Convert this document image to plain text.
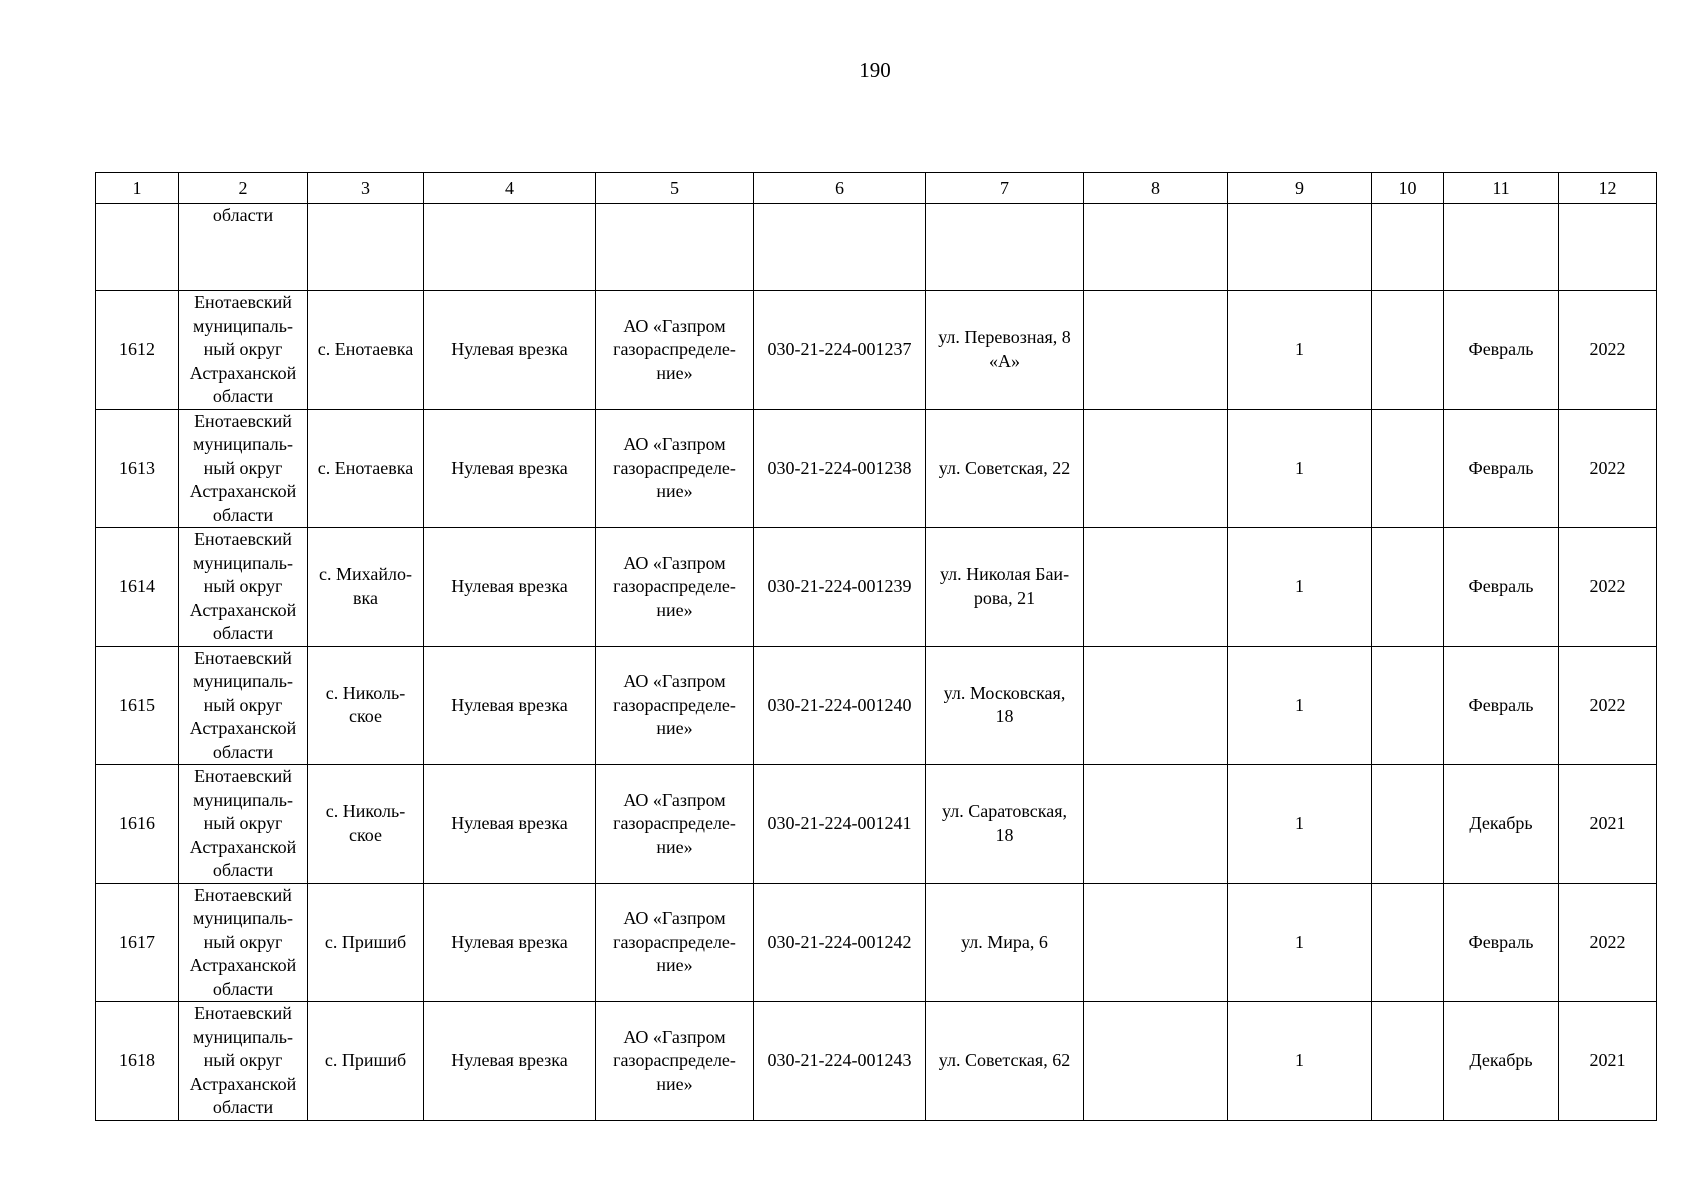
190
1	2	3	4	5	6	7	8	9	10	11	12
	области										
1612	Енотаевский
муниципаль-
ный округ
Астраханской
области	с. Енотаевка	Нулевая врезка	АО «Газпром
газораспределе-
ние»	030-21-224-001237	ул. Перевозная, 8
«А»		1		Февраль	2022
1613	Енотаевский
муниципаль-
ный округ
Астраханской
области	с. Енотаевка	Нулевая врезка	АО «Газпром
газораспределе-
ние»	030-21-224-001238	ул. Советская, 22		1		Февраль	2022
1614	Енотаевский
муниципаль-
ный округ
Астраханской
области	с. Михайло-
вка	Нулевая врезка	АО «Газпром
газораспределе-
ние»	030-21-224-001239	ул. Николая Баи-
рова, 21		1		Февраль	2022
1615	Енотаевский
муниципаль-
ный округ
Астраханской
области	с. Николь-
ское	Нулевая врезка	АО «Газпром
газораспределе-
ние»	030-21-224-001240	ул. Московская,
18		1		Февраль	2022
1616	Енотаевский
муниципаль-
ный округ
Астраханской
области	с. Николь-
ское	Нулевая врезка	АО «Газпром
газораспределе-
ние»	030-21-224-001241	ул. Саратовская,
18		1		Декабрь	2021
1617	Енотаевский
муниципаль-
ный округ
Астраханской
области	с. Пришиб	Нулевая врезка	АО «Газпром
газораспределе-
ние»	030-21-224-001242	ул. Мира, 6		1		Февраль	2022
1618	Енотаевский
муниципаль-
ный округ
Астраханской
области	с. Пришиб	Нулевая врезка	АО «Газпром
газораспределе-
ние»	030-21-224-001243	ул. Советская, 62		1		Декабрь	2021
